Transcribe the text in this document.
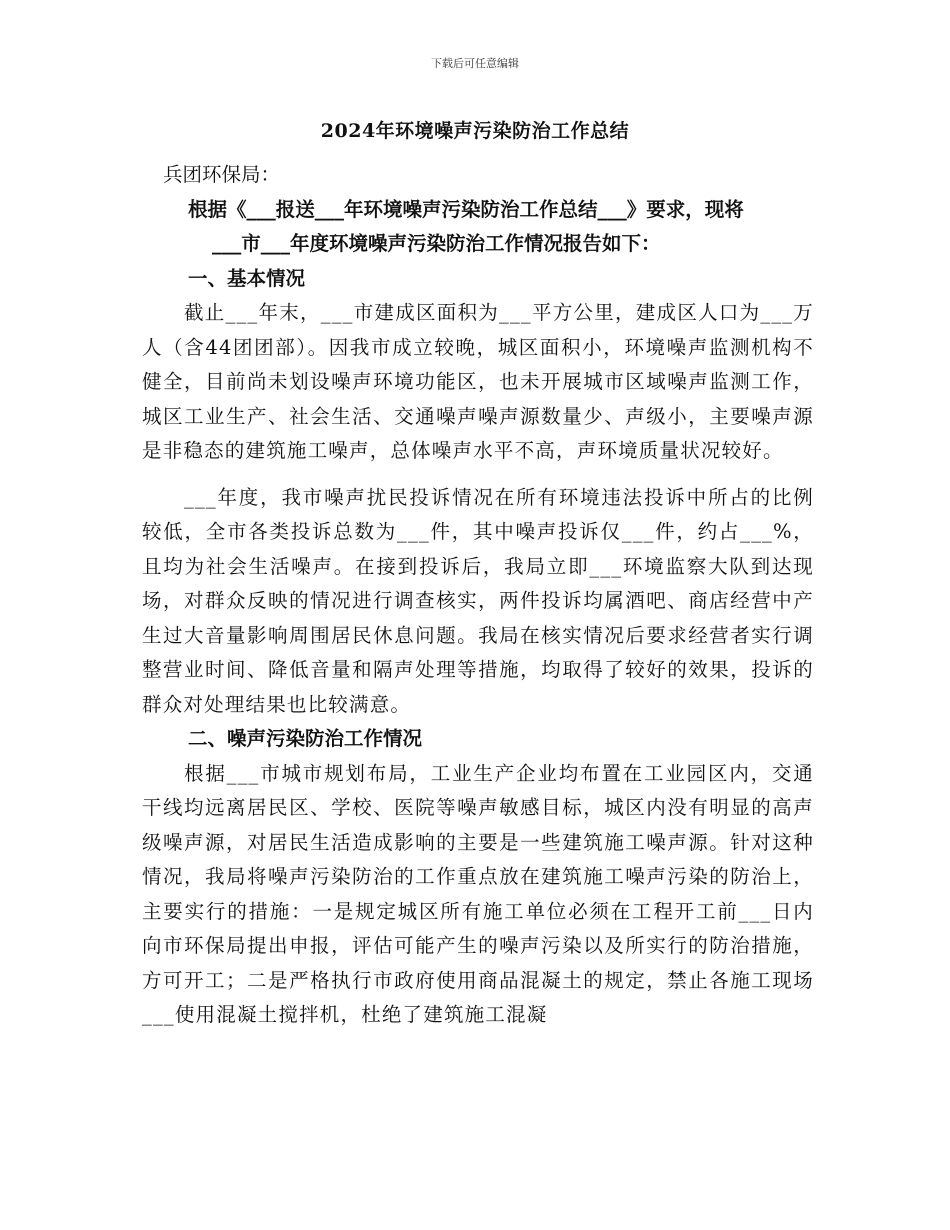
下载后可任意编辑
2024年环境噪声污染防治工作总结
兵团环保局：
根据《___报送___年环境噪声污染防治工作总结___》要求，现将
___市___年度环境噪声污染防治工作情况报告如下：
一、基本情况
截止___年末，___市建成区面积为___平方公里，建成区人口为___万人（含44团团部）。因我市成立较晚，城区面积小，环境噪声监测机构不健全，目前尚未划设噪声环境功能区，也未开展城市区域噪声监测工作，城区工业生产、社会生活、交通噪声噪声源数量少、声级小，主要噪声源是非稳态的建筑施工噪声，总体噪声水平不高，声环境质量状况较好。
___年度，我市噪声扰民投诉情况在所有环境违法投诉中所占的比例较低，全市各类投诉总数为___件，其中噪声投诉仅___件，约占___%，且均为社会生活噪声。在接到投诉后，我局立即___环境监察大队到达现场，对群众反映的情况进行调查核实，两件投诉均属酒吧、商店经营中产生过大音量影响周围居民休息问题。我局在核实情况后要求经营者实行调整营业时间、降低音量和隔声处理等措施，均取得了较好的效果，投诉的群众对处理结果也比较满意。
二、噪声污染防治工作情况
根据___市城市规划布局，工业生产企业均布置在工业园区内，交通干线均远离居民区、学校、医院等噪声敏感目标，城区内没有明显的高声级噪声源，对居民生活造成影响的主要是一些建筑施工噪声源。针对这种情况，我局将噪声污染防治的工作重点放在建筑施工噪声污染的防治上，主要实行的措施：一是规定城区所有施工单位必须在工程开工前___日内向市环保局提出申报，评估可能产生的噪声污染以及所实行的防治措施，方可开工；二是严格执行市政府使用商品混凝土的规定，禁止各施工现场___使用混凝土搅拌机，杜绝了建筑施工混凝
